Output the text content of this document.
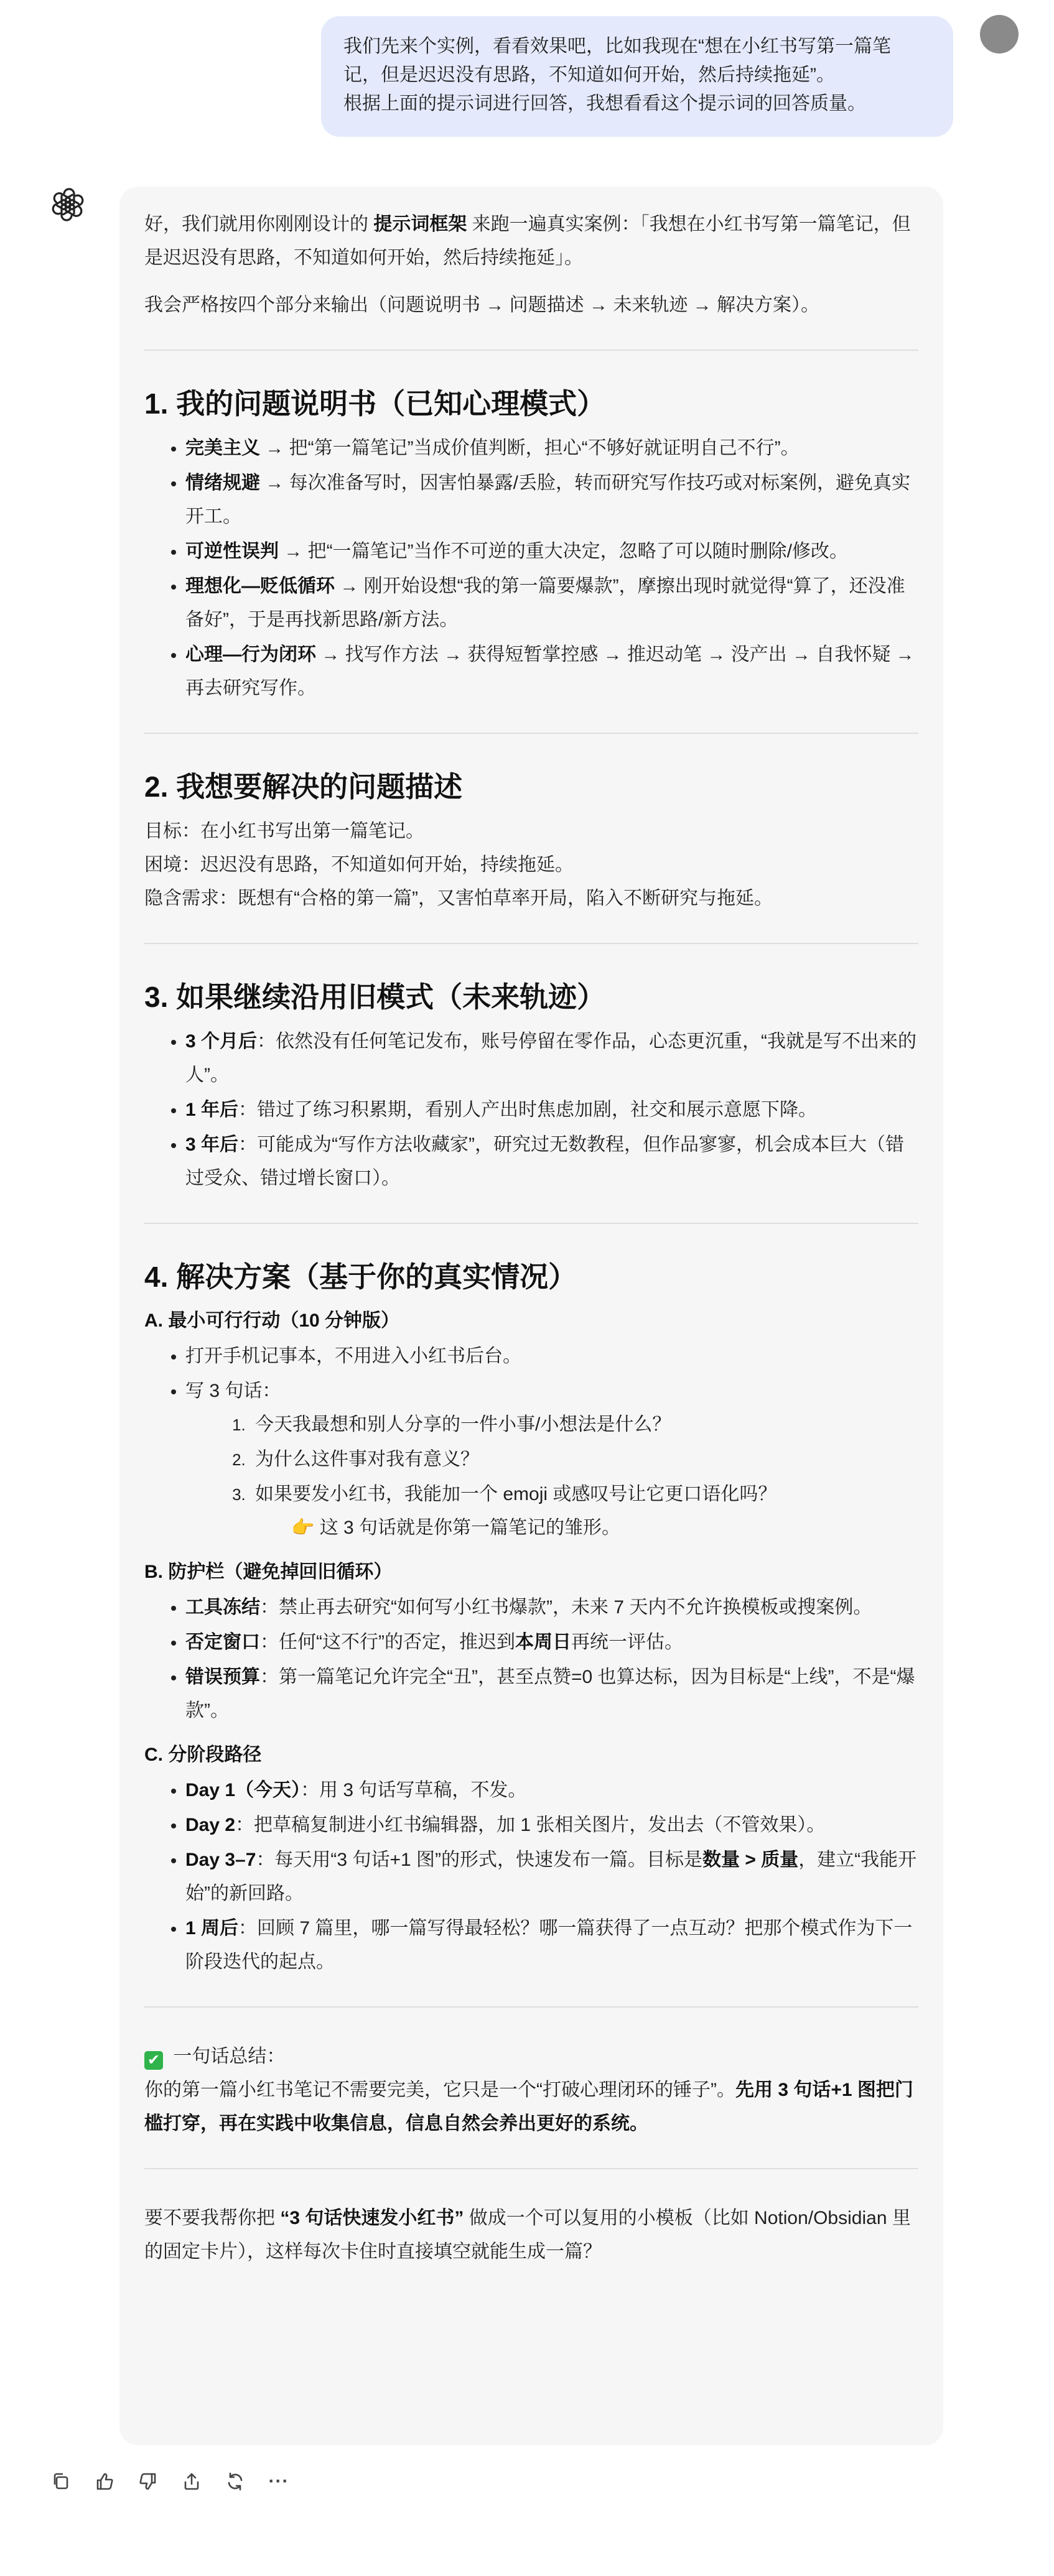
我们先来个实例，看看效果吧，比如我现在“想在小红书写第一篇笔
记，但是迟迟没有思路，不知道如何开始，然后持续拖延”。
根据上面的提示词进行回答，我想看看这个提示词的回答质量。

好，我们就用你刚刚设计的 提示词框架 来跑一遍真实案例：「我想在小红书写第一篇笔记，但是迟迟没有思路，不知道如何开始，然后持续拖延」。

我会严格按四个部分来输出（问题说明书 → 问题描述 → 未来轨迹 → 解决方案）。

1. 我的问题说明书（已知心理模式）
• 完美主义 → 把“第一篇笔记”当成价值判断，担心“不够好就证明自己不行”。
• 情绪规避 → 每次准备写时，因害怕暴露/丢脸，转而研究写作技巧或对标案例，避免真实开工。
• 可逆性误判 → 把“一篇笔记”当作不可逆的重大决定，忽略了可以随时删除/修改。
• 理想化—贬低循环 → 刚开始设想“我的第一篇要爆款”，摩擦出现时就觉得“算了，还没准备好”，于是再找新思路/新方法。
• 心理—行为闭环 → 找写作方法 → 获得短暂掌控感 → 推迟动笔 → 没产出 → 自我怀疑 → 再去研究写作。
2. 我想要解决的问题描述

目标：在小红书写出第一篇笔记。

困境：迟迟没有思路，不知道如何开始，持续拖延。

隐含需求：既想有“合格的第一篇”，又害怕草率开局，陷入不断研究与拖延。

3. 如果继续沿用旧模式（未来轨迹）
• 3 个月后：依然没有任何笔记发布，账号停留在零作品，心态更沉重，“我就是写不出来的人”。
• 1 年后：错过了练习积累期，看别人产出时焦虑加剧，社交和展示意愿下降。
• 3 年后：可能成为“写作方法收藏家”，研究过无数教程，但作品寥寥，机会成本巨大（错过受众、错过增长窗口）。
4. 解决方案（基于你的真实情况）
A. 最小可行行动（10 分钟版）
• 打开手机记事本，不用进入小红书后台。
• 写 3 句话：
1. 今天我最想和别人分享的一件小事/小想法是什么？
2. 为什么这件事对我有意义？
3. 如果要发小红书，我能加一个 emoji 或感叹号让它更口语化吗？
👉 这 3 句话就是你第一篇笔记的雏形。
B. 防护栏（避免掉回旧循环）
• 工具冻结：禁止再去研究“如何写小红书爆款”，未来 7 天内不允许换模板或搜案例。
• 否定窗口：任何“这不行”的否定，推迟到本周日再统一评估。
• 错误预算：第一篇笔记允许完全“丑”，甚至点赞=0 也算达标，因为目标是“上线”，不是“爆款”。
C. 分阶段路径
• Day 1（今天）：用 3 句话写草稿，不发。
• Day 2：把草稿复制进小红书编辑器，加 1 张相关图片，发出去（不管效果）。
• Day 3–7：每天用“3 句话+1 图”的形式，快速发布一篇。目标是数量 > 质量，建立“我能开始”的新回路。
• 1 周后：回顾 7 篇里，哪一篇写得最轻松？哪一篇获得了一点互动？把那个模式作为下一阶段迭代的起点。

✔ 一句话总结：

你的第一篇小红书笔记不需要完美，它只是一个“打破心理闭环的锤子”。先用 3 句话+1 图把门槛打穿，再在实践中收集信息，信息自然会养出更好的系统。

要不要我帮你把 “3 句话快速发小红书” 做成一个可以复用的小模板（比如 Notion/Obsidian 里的固定卡片），这样每次卡住时直接填空就能生成一篇？

···
